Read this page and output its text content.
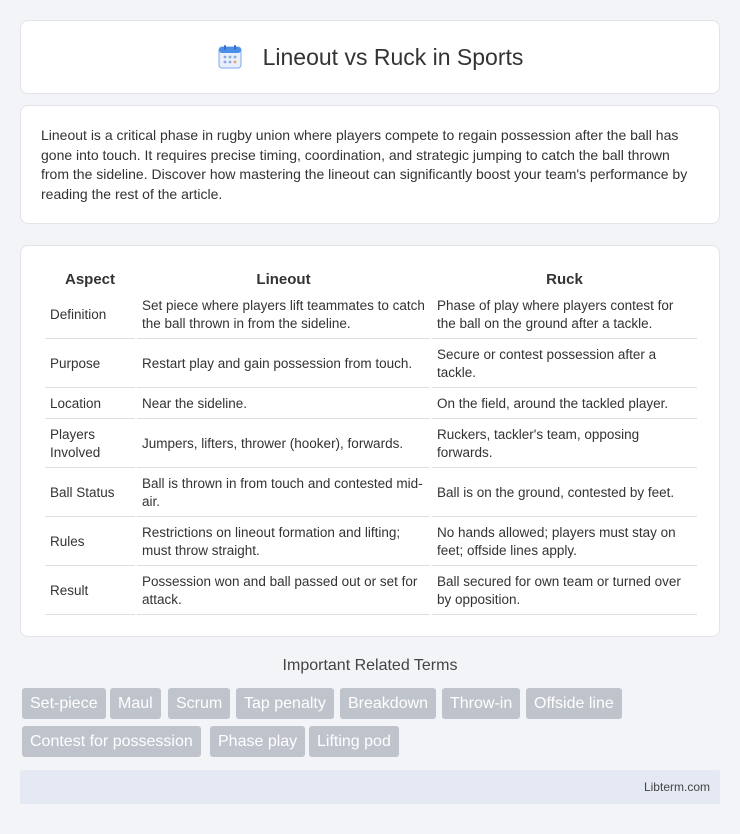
Lineout vs Ruck in Sports

Lineout is a critical phase in rugby union where players compete to regain possession after the ball has gone into touch. It requires precise timing, coordination, and strategic jumping to catch the ball thrown from the sideline. Discover how mastering the lineout can significantly boost your team's performance by reading the rest of the article.

Aspect	Lineout	Ruck
Definition	Set piece where players lift teammates to catch the ball thrown in from the sideline.	Phase of play where players contest for the ball on the ground after a tackle.
Purpose	Restart play and gain possession from touch.	Secure or contest possession after a tackle.
Location	Near the sideline.	On the field, around the tackled player.
Players Involved	Jumpers, lifters, thrower (hooker), forwards.	Ruckers, tackler's team, opposing forwards.
Ball Status	Ball is thrown in from touch and contested mid-air.	Ball is on the ground, contested by feet.
Rules	Restrictions on lineout formation and lifting; must throw straight.	No hands allowed; players must stay on feet; offside lines apply.
Result	Possession won and ball passed out or set for attack.	Ball secured for own team or turned over by opposition.
Important Related Terms
Set-piece	Maul	Scrum	Tap penalty	Breakdown	Throw-in	Offside line
Contest for possession	Phase play	Lifting pod
Libterm.com
